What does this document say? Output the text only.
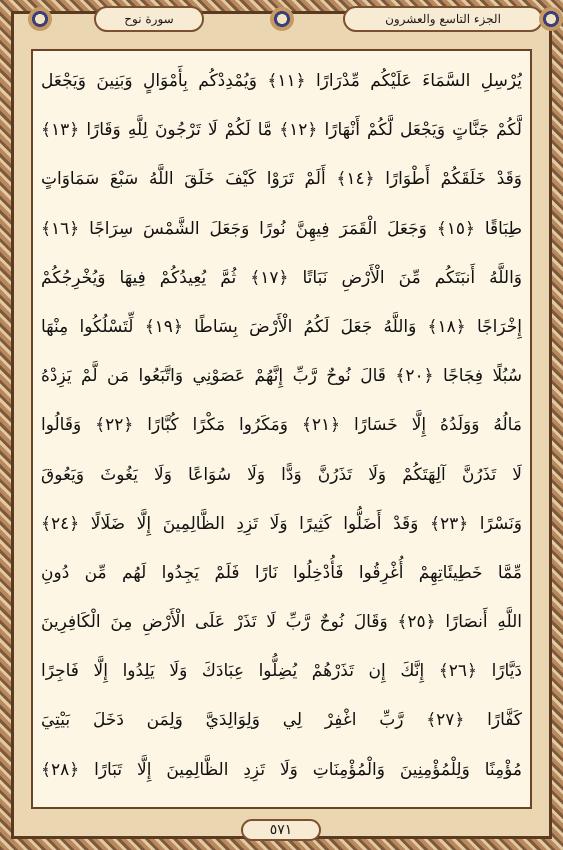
سورة نوح	الجزء التاسع والعشرون
يُرْسِلِ السَّمَاءَ عَلَيْكُم مِّدْرَارًا ﴿١١﴾ وَيُمْدِدْكُم بِأَمْوَالٍ وَبَنِينَ وَيَجْعَل
لَّكُمْ جَنَّاتٍ وَيَجْعَل لَّكُمْ أَنْهَارًا ﴿١٢﴾ مَّا لَكُمْ لَا تَرْجُونَ لِلَّهِ وَقَارًا ﴿١٣﴾
وَقَدْ خَلَقَكُمْ أَطْوَارًا ﴿١٤﴾ أَلَمْ تَرَوْا كَيْفَ خَلَقَ اللَّهُ سَبْعَ سَمَاوَاتٍ
طِبَاقًا ﴿١٥﴾ وَجَعَلَ الْقَمَرَ فِيهِنَّ نُورًا وَجَعَلَ الشَّمْسَ سِرَاجًا ﴿١٦﴾
وَاللَّهُ أَنبَتَكُم مِّنَ الْأَرْضِ نَبَاتًا ﴿١٧﴾ ثُمَّ يُعِيدُكُمْ فِيهَا وَيُخْرِجُكُمْ
إِخْرَاجًا ﴿١٨﴾ وَاللَّهُ جَعَلَ لَكُمُ الْأَرْضَ بِسَاطًا ﴿١٩﴾ لِّتَسْلُكُوا مِنْهَا
سُبُلًا فِجَاجًا ﴿٢٠﴾ قَالَ نُوحٌ رَّبِّ إِنَّهُمْ عَصَوْنِي وَاتَّبَعُوا مَن لَّمْ يَزِدْهُ
مَالُهُ وَوَلَدُهُ إِلَّا خَسَارًا ﴿٢١﴾ وَمَكَرُوا مَكْرًا كُبَّارًا ﴿٢٢﴾ وَقَالُوا
لَا تَذَرُنَّ آلِهَتَكُمْ وَلَا تَذَرُنَّ وَدًّا وَلَا سُوَاعًا وَلَا يَغُوثَ وَيَعُوقَ
وَنَسْرًا ﴿٢٣﴾ وَقَدْ أَضَلُّوا كَثِيرًا وَلَا تَزِدِ الظَّالِمِينَ إِلَّا ضَلَالًا ﴿٢٤﴾
مِّمَّا خَطِيئَاتِهِمْ أُغْرِقُوا فَأُدْخِلُوا نَارًا فَلَمْ يَجِدُوا لَهُم مِّن دُونِ
اللَّهِ أَنصَارًا ﴿٢٥﴾ وَقَالَ نُوحٌ رَّبِّ لَا تَذَرْ عَلَى الْأَرْضِ مِنَ الْكَافِرِينَ
دَيَّارًا ﴿٢٦﴾ إِنَّكَ إِن تَذَرْهُمْ يُضِلُّوا عِبَادَكَ وَلَا يَلِدُوا إِلَّا فَاجِرًا
كَفَّارًا ﴿٢٧﴾ رَّبِّ اغْفِرْ لِي وَلِوَالِدَيَّ وَلِمَن دَخَلَ بَيْتِيَ
مُؤْمِنًا وَلِلْمُؤْمِنِينَ وَالْمُؤْمِنَاتِ وَلَا تَزِدِ الظَّالِمِينَ إِلَّا تَبَارًا ﴿٢٨﴾
٥٧١
